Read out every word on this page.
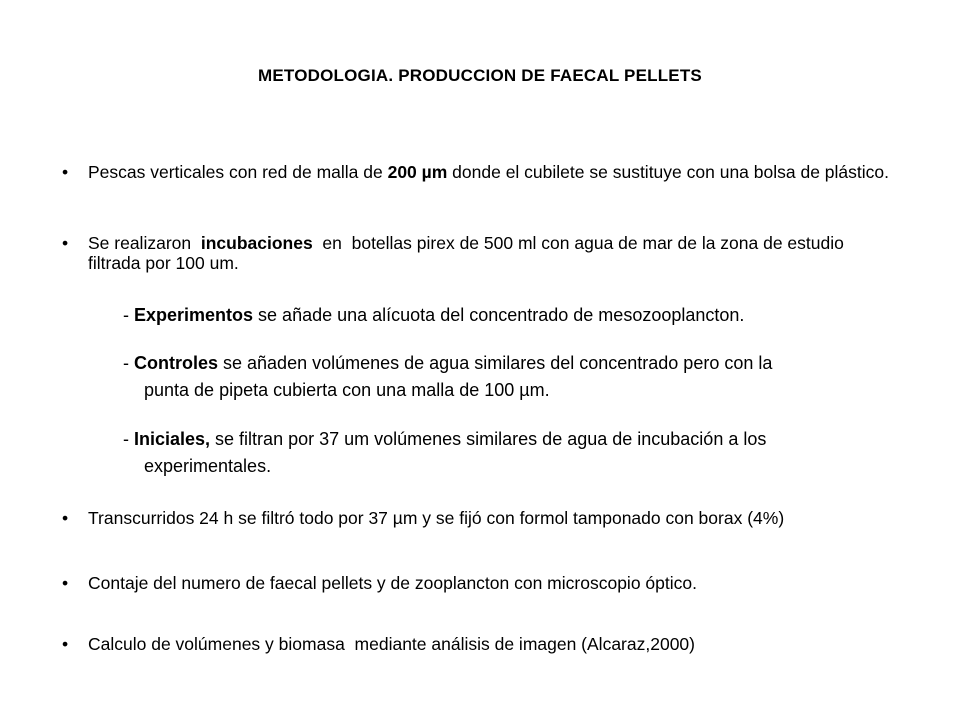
METODOLOGIA. PRODUCCION DE FAECAL PELLETS
•	Pescas verticales con red de malla de 200 µm donde el cubilete se sustituye con una bolsa de plástico.
•	Se realizaron  incubaciones  en  botellas pirex de 500 ml con agua de mar de la zona de estudio filtrada por 100 um.
- Experimentos se añade una alícuota del concentrado de mesozooplancton.
- Controles se añaden volúmenes de agua similares del concentrado pero con la
punta de pipeta cubierta con una malla de 100 µm.
- Iniciales, se filtran por 37 um volúmenes similares de agua de incubación a los
experimentales.
•	Transcurridos 24 h se filtró todo por 37 µm y se fijó con formol tamponado con borax (4%)
•	Contaje del numero de faecal pellets y de zooplancton con microscopio óptico.
•	Calculo de volúmenes y biomasa  mediante análisis de imagen (Alcaraz,2000)
